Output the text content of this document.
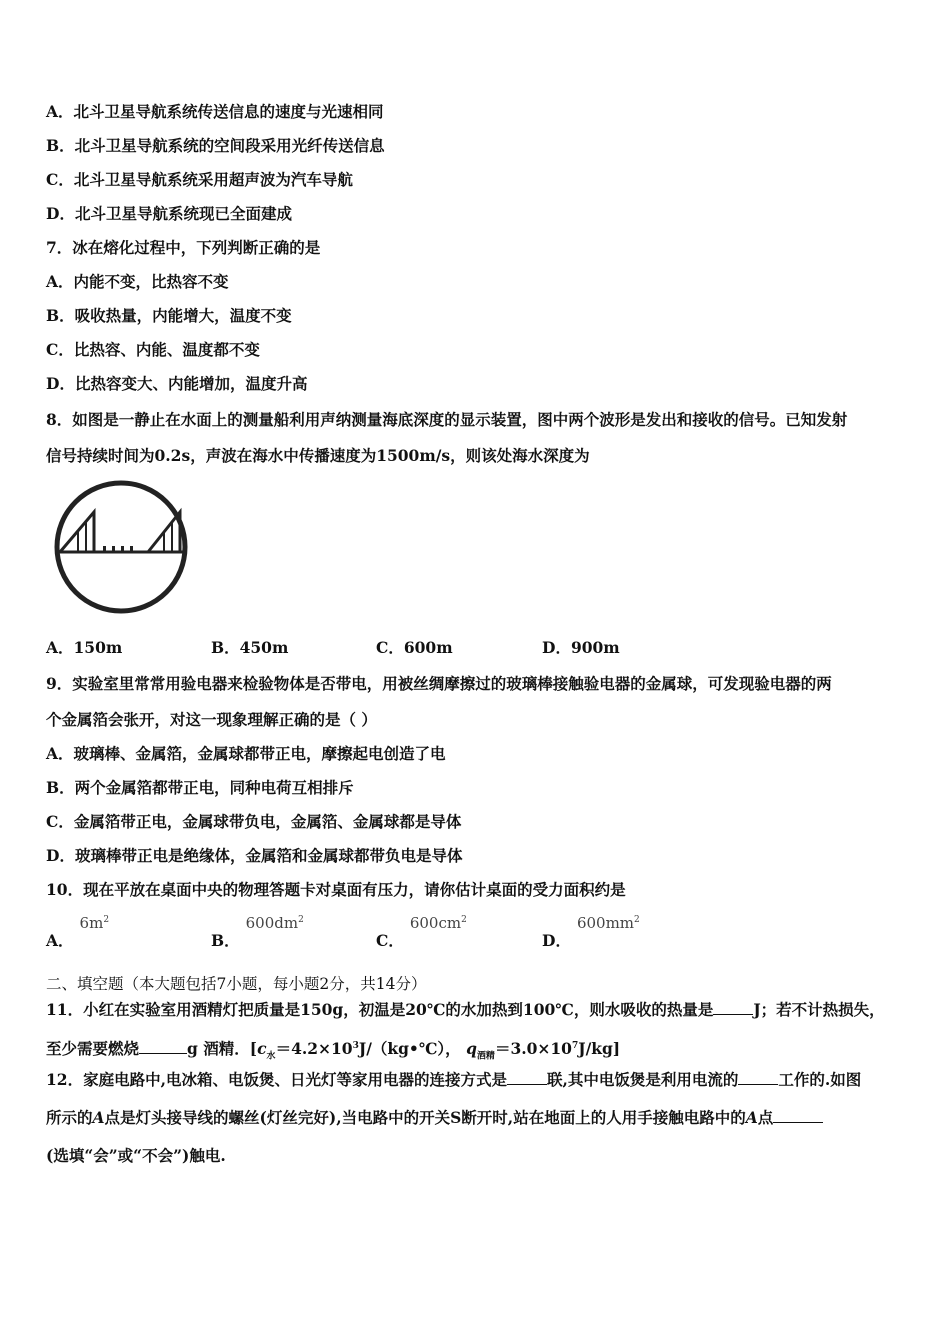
A．北斗卫星导航系统传送信息的速度与光速相同
B．北斗卫星导航系统的空间段采用光纤传送信息
C．北斗卫星导航系统采用超声波为汽车导航
D．北斗卫星导航系统现已全面建成
7．冰在熔化过程中，下列判断正确的是
A．内能不变，比热容不变
B．吸收热量，内能增大，温度不变
C．比热容、内能、温度都不变
D．比热容变大、内能增加，温度升高
8．如图是一静止在水面上的测量船利用声纳测量海底深度的显示装置，图中两个波形是发出和接收的信号。已知发射
信号持续时间为0.2s，声波在海水中传播速度为1500m/s，则该处海水深度为
A．150m	B．450m	C．600m	D．900m
9．实验室里常常用验电器来检验物体是否带电，用被丝绸摩擦过的玻璃棒接触验电器的金属球，可发现验电器的两
个金属箔会张开，对这一现象理解正确的是（ ）
A．玻璃棒、金属箔，金属球都带正电，摩擦起电创造了电
B．两个金属箔都带正电，同种电荷互相排斥
C．金属箔带正电，金属球带负电，金属箔、金属球都是导体
D．玻璃棒带正电是绝缘体，金属箔和金属球都带负电是导体
10．现在平放在桌面中央的物理答题卡对桌面有压力，请你估计桌面的受力面积约是
A．$6m^2$
B．$600dm^2$
C．$600cm^2$
D．$600mm^2$
二、填空题（本大题包括7小题，每小题2分，共14分）
11．小红在实验室用酒精灯把质量是150g，初温是20℃的水加热到100℃，则水吸收的热量是	J；若不计热损失，
至少需要燃烧	g 酒精．[$c_水=4.2\times 10^3J/(kg•℃)$， $q_{酒精}=3.0\times 10^7J/kg$]
12．家庭电路中,电冰箱、电饭煲、日光灯等家用电器的连接方式是	联,其中电饭煲是利用电流的	工作的.如图
所示的A点是灯头接导线的螺丝(灯丝完好),当电路中的开关S断开时,站在地面上的人用手接触电路中的A点
(选填“会”或“不会”)触电.
